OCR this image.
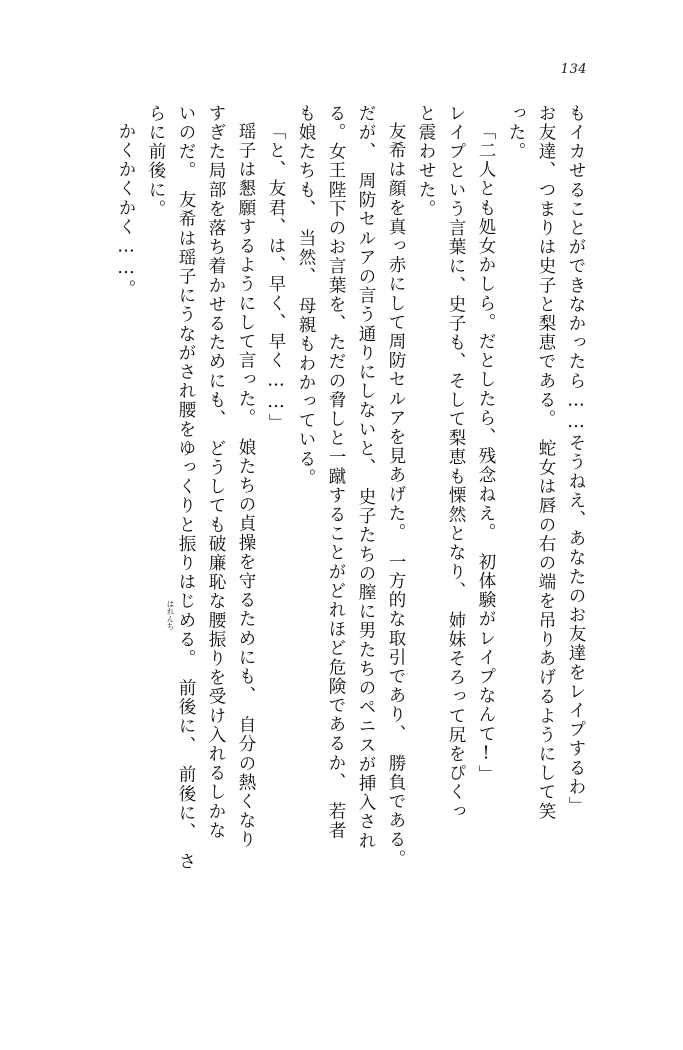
134
もイカせることができなかったら……そうねえ、あなたのお友達をレイプするわ」
お友達、つまりは史子と梨恵である。　蛇女は唇の右の端を吊りあげるようにして笑
った。
「二人とも処女かしら。だとしたら、残念ねえ。　初体験がレイプなんて!」
レイプという言葉に、史子も、そして梨恵も慄然となり、　姉妹そろって尻をぴくっ
と震わせた。
友希は顔を真っ赤にして周防セルアを見あげた。　一方的な取引であり、　勝負である。
だが、　周防セルアの言う通りにしないと、　史子たちの膣に男たちのペニスが挿入され
る。女王陛下のお言葉を、ただの脅しと一蹴することがどれほど危険であるか、　若者
も娘たちも、　当然、　母親もわかっている。
「と、友君、は、早く、早く……」
瑶子は懇願するようにして言った。　娘たちの貞操を守るためにも、　自分の熱くなり
すぎた局部を落ち着かせるためにも、　どうしても破廉恥な腰振りを受け入れるしかな
いのだ。　友希は瑶子にうながされ腰をゆっくりと振りはじめる。　前後に、　前後に、　さ
らに前後に。
かくかくかく……。
はれんち
